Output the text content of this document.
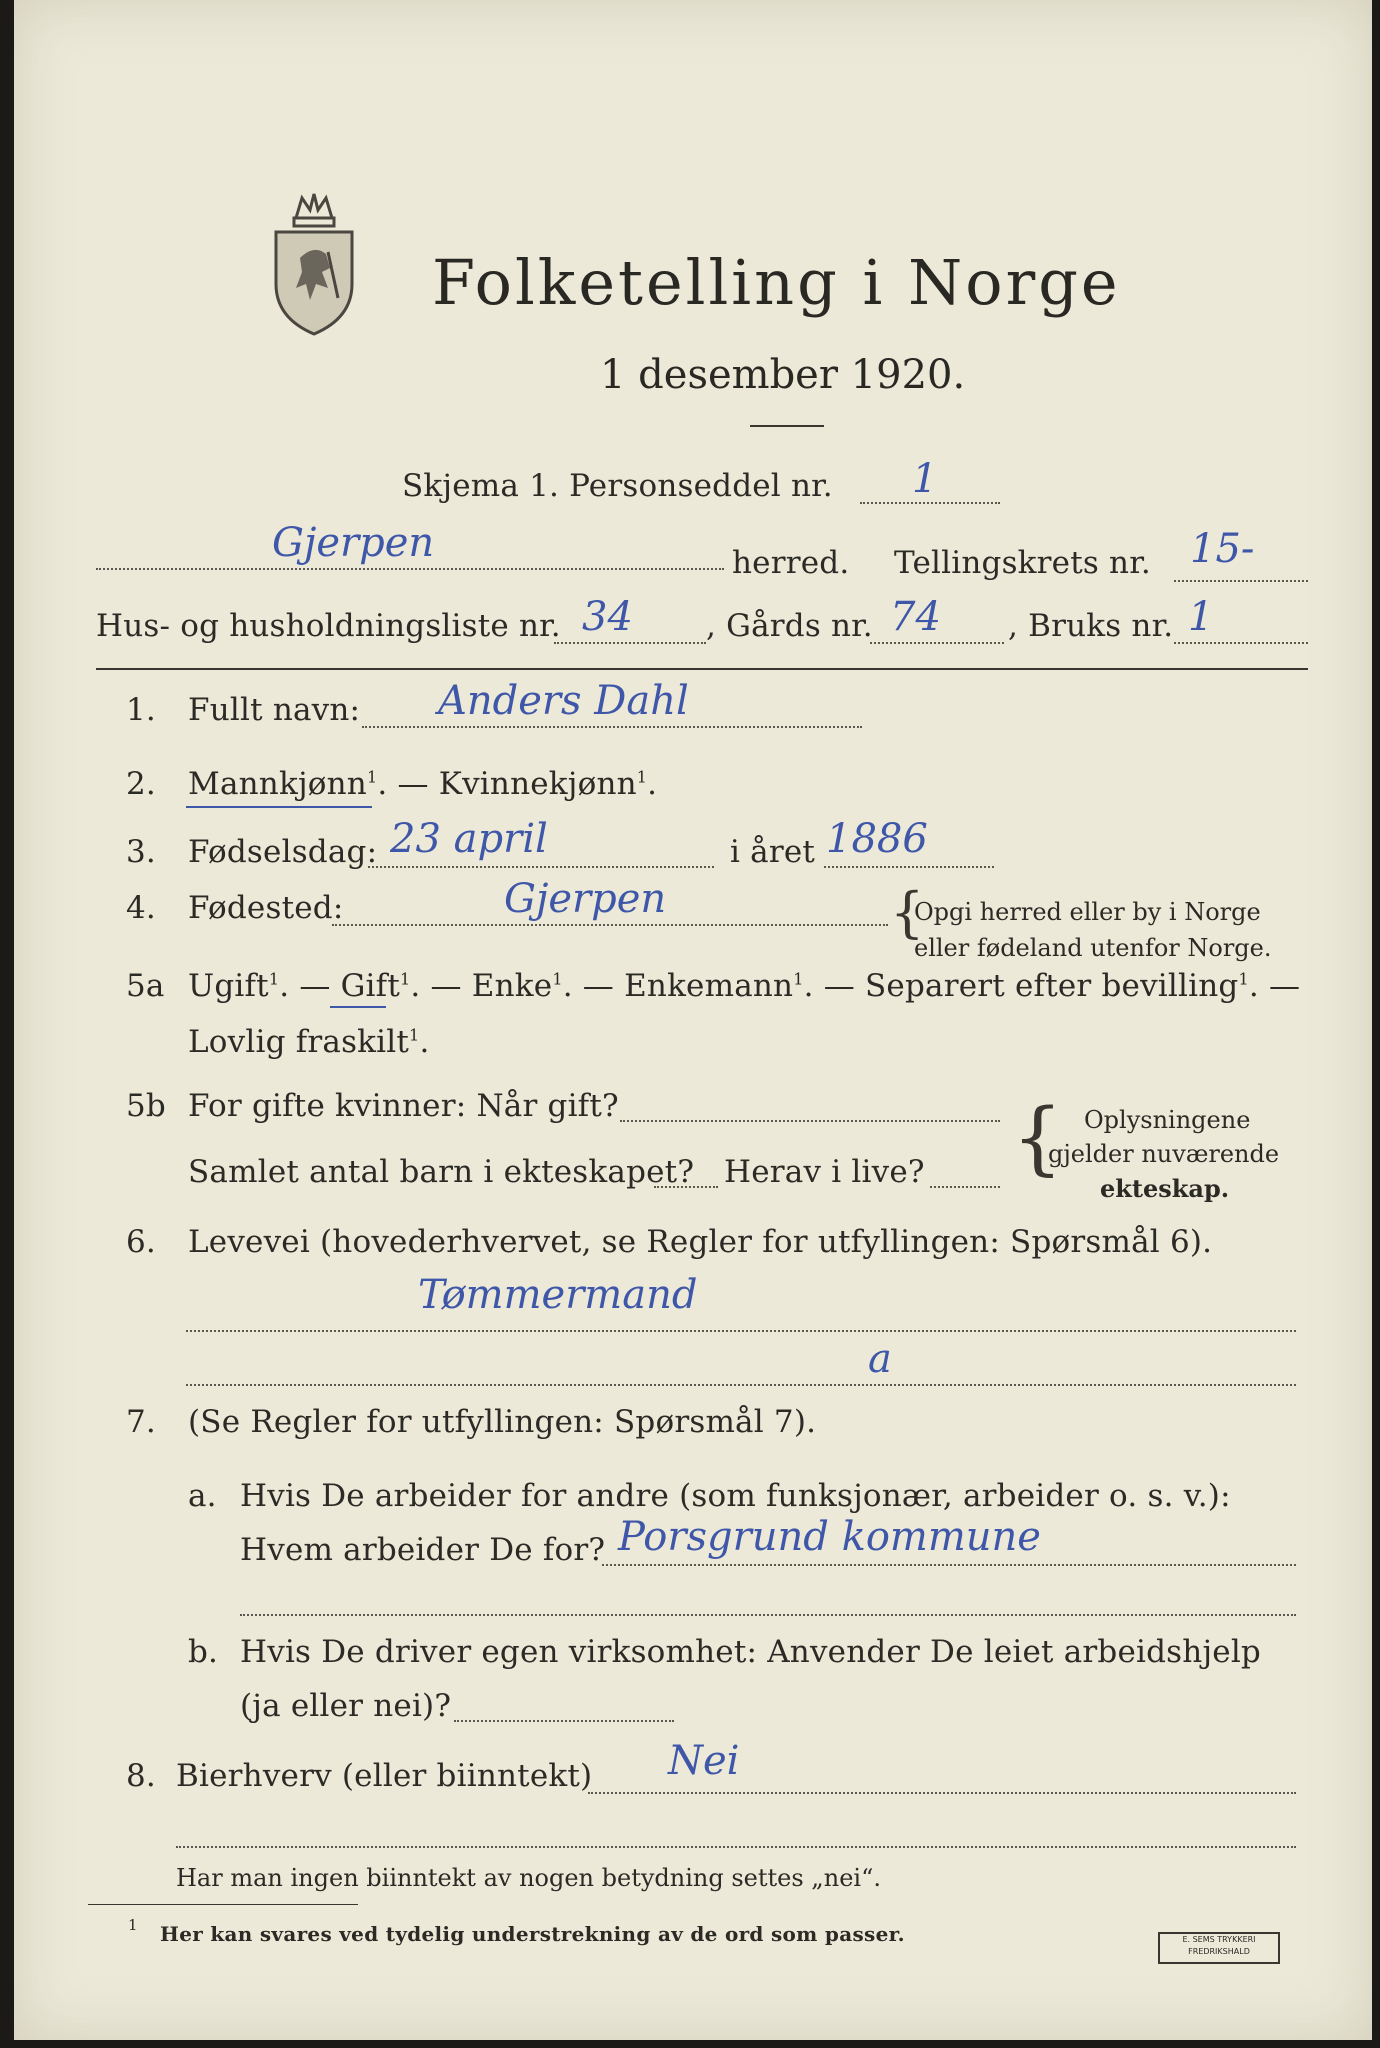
Folketelling i Norge
1 desember 1920.
Skjema 1. Personseddel nr. 1
Gjerpen	herred. Tellingskrets nr. 15-
Hus- og husholdningsliste nr. 34 , Gårds nr. 74 , Bruks nr. 1
1. Fullt navn: Anders Dahl
2. Mannkjønn$^1$. — Kvinnekjønn$^1$.
3. Fødselsdag: 23 april	i året 1886
4. Fødested:	Gjerpen	{
Opgi herred eller by i Norge
eller fødeland utenfor Norge.
5a Ugift$^1$. — Gift$^1$. — Enke$^1$. — Enkemann$^1$. — Separert efter bevilling$^1$. —
Lovlig fraskilt$^1$.
5b For gifte kvinner: Når gift?
Samlet antal barn i ekteskapet? Herav i live? { Oplysningene
gjelder nuværende
ekteskap.
6. Levevei (hovederhvervet, se Regler for utfyllingen: Spørsmål 6).
Tømmermand
a
7. (Se Regler for utfyllingen: Spørsmål 7).
a. Hvis De arbeider for andre (som funksjonær, arbeider o. s. v.):
Hvem arbeider De for? Porsgrund kommune
b. Hvis De driver egen virksomhet: Anvender De leiet arbeidshjelp
(ja eller nei)?
8. Bierhverv (eller biinntekt) Nei
Har man ingen biinntekt av nogen betydning settes „nei“.
1 Her kan svares ved tydelig understrekning av de ord som passer.	E. SEMS TRYKKERI
FREDRIKSHALD
